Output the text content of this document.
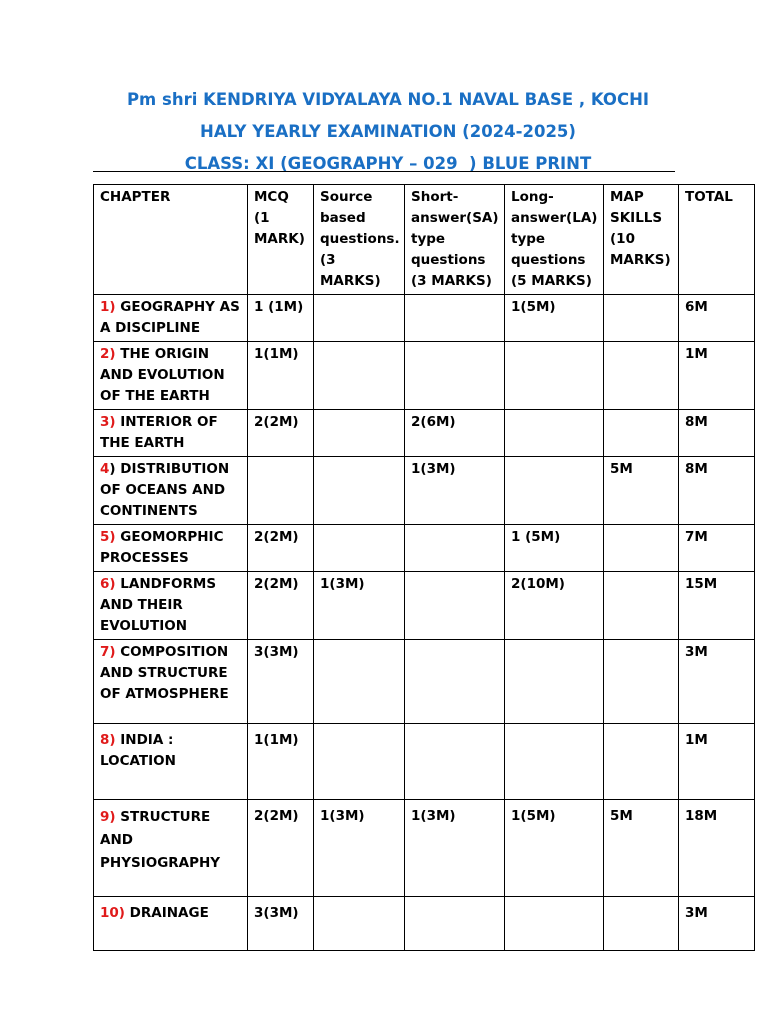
Pm shri KENDRIYA VIDYALAYA NO.1 NAVAL BASE , KOCHI
HALY YEARLY EXAMINATION (2024-2025)
CLASS: XI (GEOGRAPHY – 029  ) BLUE PRINT
CHAPTER	MCQ (1 MARK)	Source based questions.(3 MARKS)	Short-answer(SA) type questions (3 MARKS)	Long-answer(LA) type questions (5 MARKS)	MAP SKILLS (10 MARKS)	TOTAL
1) GEOGRAPHY AS A DISCIPLINE	1 (1M)			1(5M)		6M
2) THE ORIGIN AND EVOLUTION OF THE EARTH	1(1M)					1M
3) INTERIOR OF THE EARTH	2(2M)		2(6M)			8M
4) DISTRIBUTION OF OCEANS AND CONTINENTS			1(3M)		5M	8M
5) GEOMORPHIC PROCESSES	2(2M)			1 (5M)		7M
6) LANDFORMS AND THEIR EVOLUTION	2(2M)	1(3M)		2(10M)		15M
7) COMPOSITION AND STRUCTURE OF ATMOSPHERE	3(3M)					3M
8) INDIA : LOCATION	1(1M)					1M
9) STRUCTURE AND PHYSIOGRAPHY	2(2M)	1(3M)	1(3M)	1(5M)	5M	18M
10) DRAINAGE	3(3M)					3M
